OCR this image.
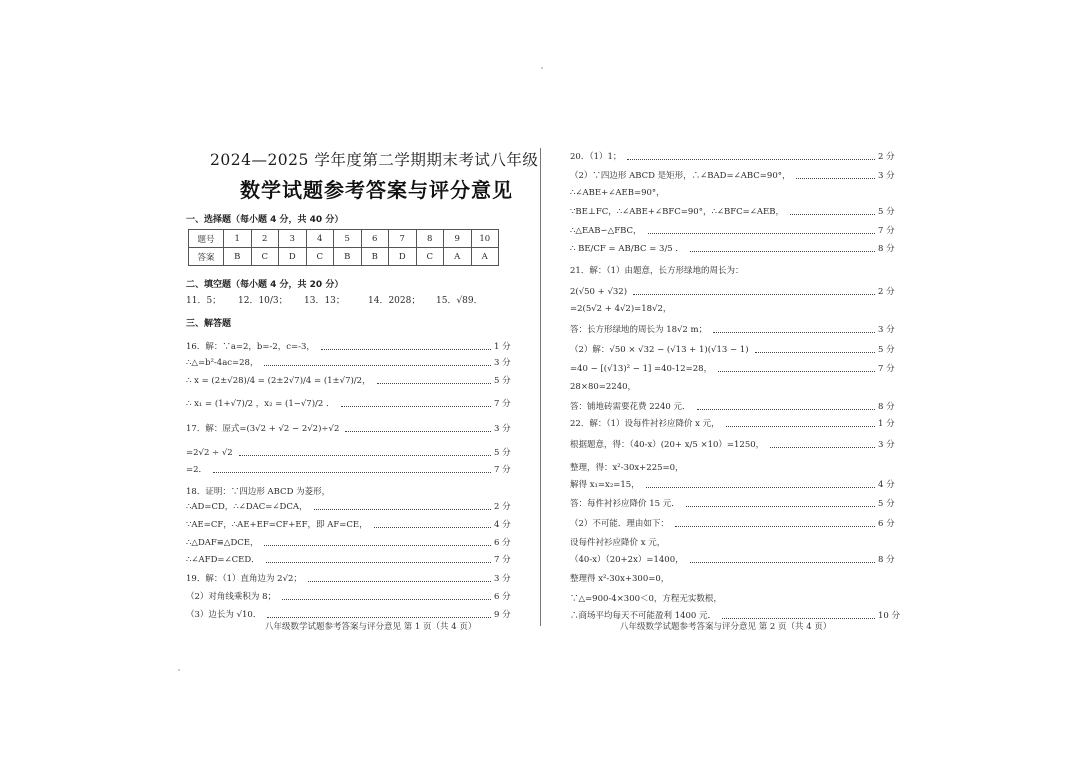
2024—2025 学年度第二学期期末考试八年级
数学试题参考答案与评分意见
一、选择题（每小题 4 分，共 40 分）
题号	1	2	3	4	5	6	7	8	9	10
答案	B	C	D	C	B	B	D	C	A	A
二、填空题（每小题 4 分，共 20 分）
11．5； 12．10/3； 13．13；	14．2028； 15．√89．
三、解答题
16．解：∵a=2，b=-2，c=-3，	1 分
∴△=b²-4ac=28，	3 分
∴ x = (2±√28)/4 = (2±2√7)/4 = (1±√7)/2，	5 分
∴ x₁ = (1+√7)/2 ，x₂ = (1−√7)/2 ．	7 分
17．解：原式=(3√2 + √2 − 2√2)÷√2	3 分
=2√2 ÷ √2	5 分
=2．	7 分
18．证明：∵四边形 ABCD 为菱形，
∴AD=CD，∴∠DAC=∠DCA，	2 分
∵AE=CF，∴AE+EF=CF+EF，即 AF=CE，	4 分
∴△DAF≌△DCE，	6 分
∴∠AFD=∠CED．	7 分
19．解：（1）直角边为 2√2；	3 分
（2）对角线乘积为 8；	6 分
（3）边长为 √10．	9 分
八年级数学试题参考答案与评分意见 第 1 页（共 4 页）
20．（1）1；	2 分
（2）∵四边形 ABCD 是矩形，∴∠BAD=∠ABC=90°，	3 分
∴∠ABE+∠AEB=90°，
∵BE⊥FC，∴∠ABE+∠BFC=90°，∴∠BFC=∠AEB，	5 分
∴△EAB∽△FBC，	7 分
∴ BE/CF = AB/BC = 3/5 ．	8 分
21．解：（1）由题意，长方形绿地的周长为：
2(√50 + √32)	2 分
=2(5√2 + 4√2)=18√2，
答：长方形绿地的周长为 18√2 m；	3 分
（2）解：√50 × √32 − (√13 + 1)(√13 − 1)	5 分
=40 − [(√13)² − 1] =40-12=28，	7 分
28×80=2240，
答：铺地砖需要花费 2240 元．	8 分
22．解：（1）设每件衬衫应降价 x 元，	1 分
根据题意，得：（40-x）(20+ x/5 ×10）=1250，	3 分
整理，得：x²-30x+225=0，
解得 x₁=x₂=15，	4 分
答：每件衬衫应降价 15 元．	5 分
（2）不可能．理由如下：	6 分
设每件衬衫应降价 x 元，
（40-x）（20+2x）=1400，	8 分
整理得 x²-30x+300=0，
∵△=900-4×300＜0，方程无实数根，
∴商场平均每天不可能盈利 1400 元．	10 分
八年级数学试题参考答案与评分意见 第 2 页（共 4 页）
